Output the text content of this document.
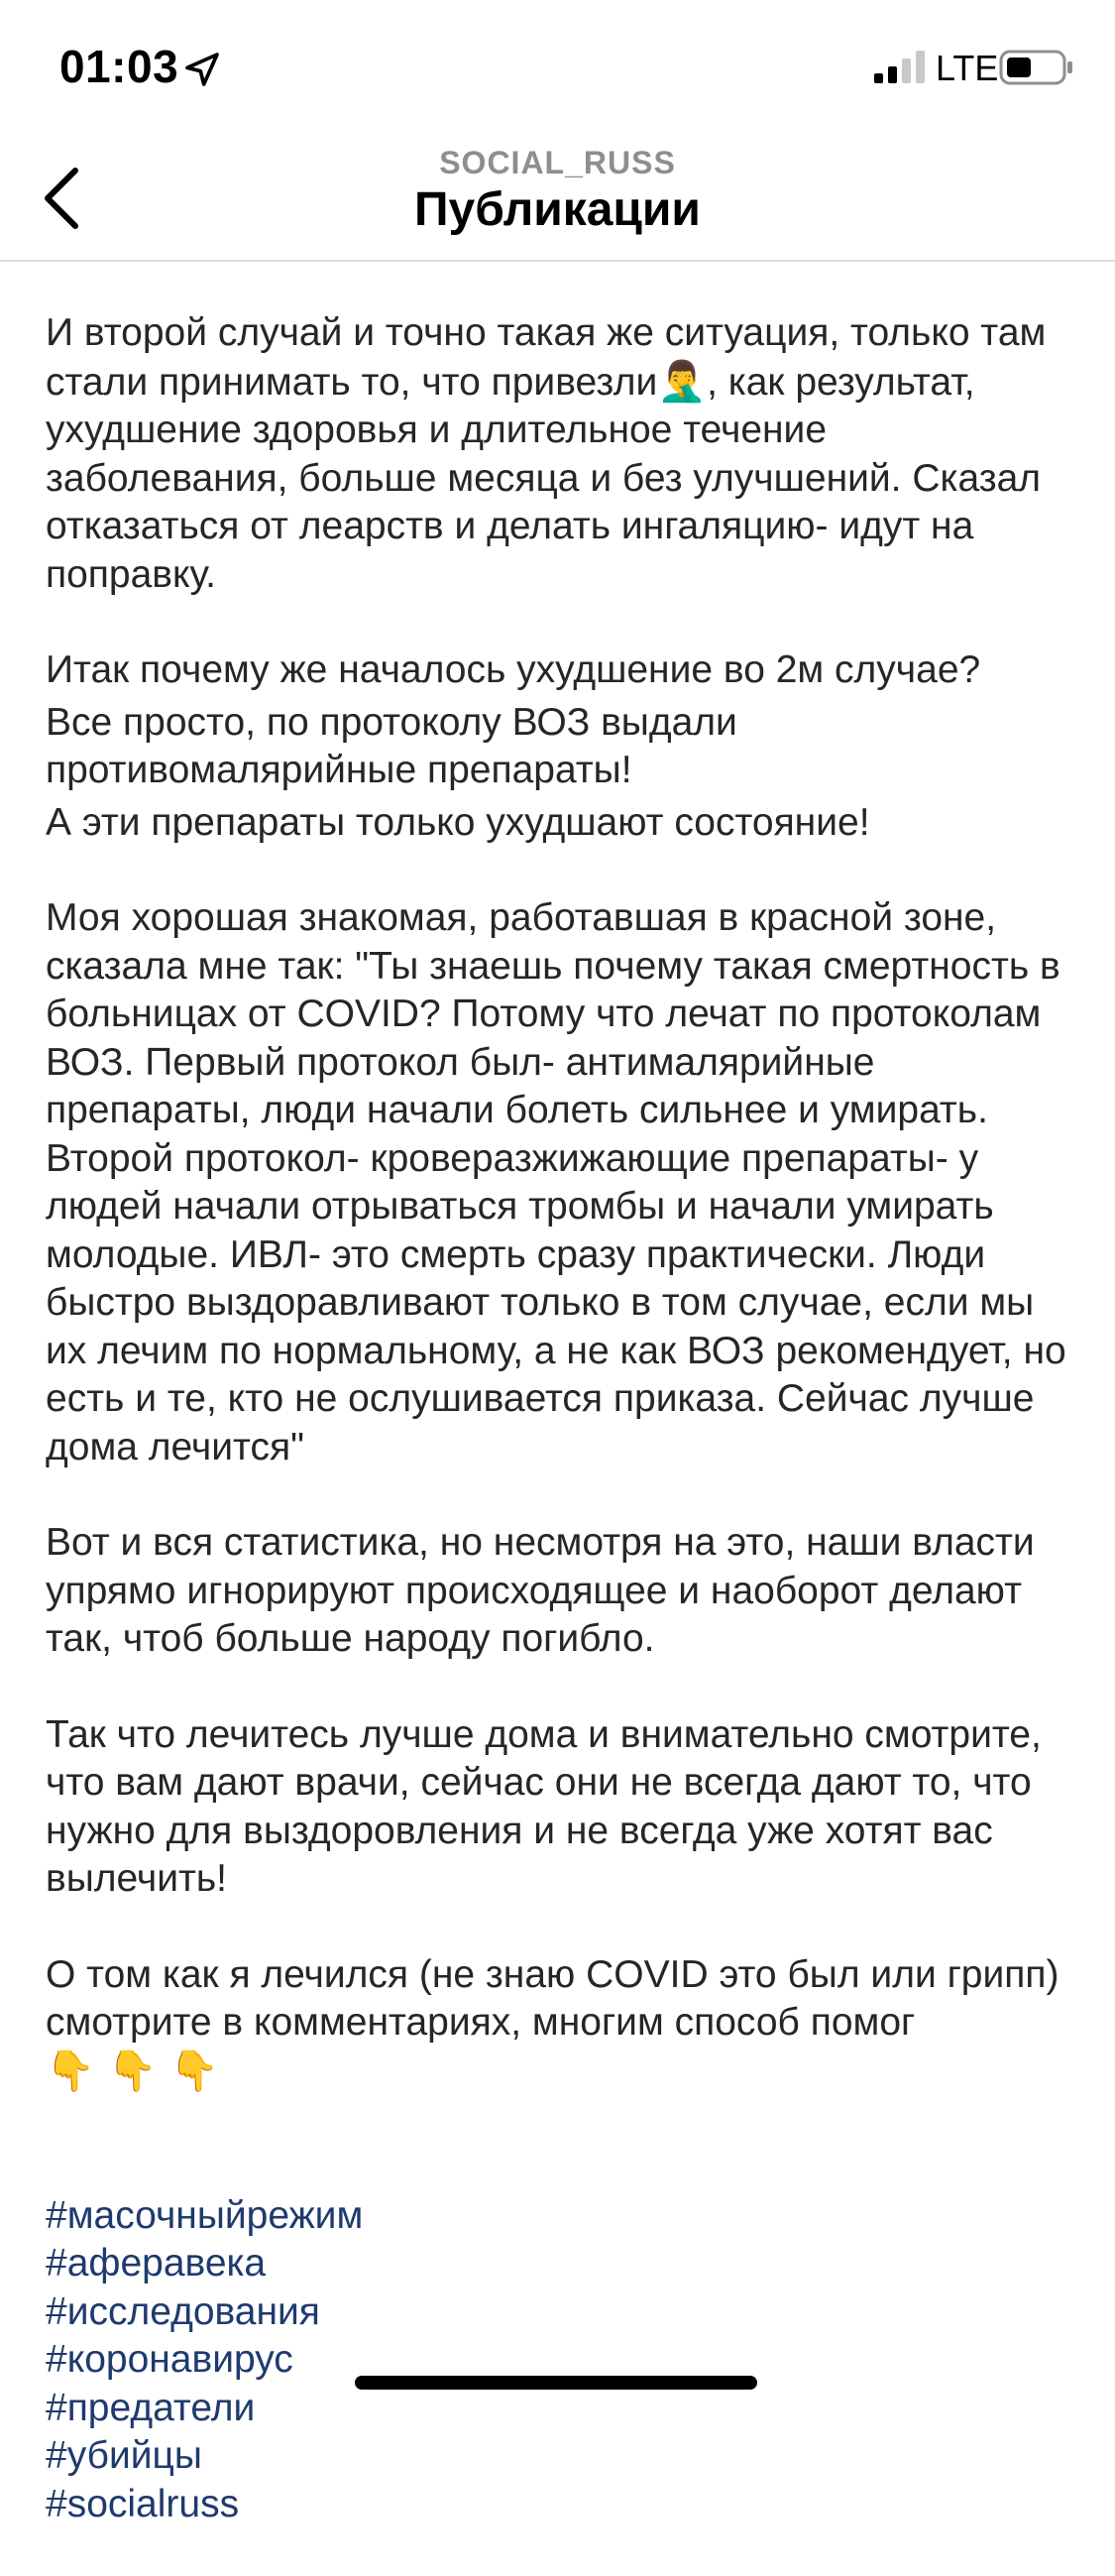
01:03	LTE
SOCIAL_RUSS
Публикации

И второй случай и точно такая же ситуация, только там стали принимать то, что привезли🤦‍♂️, как результат, ухудшение здоровья и длительное течение заболевания, больше месяца и без улучшений. Сказал отказаться от леарств и делать ингаляцию- идут на поправку.

Итак почему же началось ухудшение во 2м случае?

Все просто, по протоколу ВОЗ выдали противомалярийные препараты!

А эти препараты только ухудшают состояние!

Моя хорошая знакомая, работавшая в красной зоне, сказала мне так: "Ты знаешь почему такая смертность в больницах от COVID? Потому что лечат по протоколам ВОЗ. Первый протокол был- антималярийные препараты, люди начали болеть сильнее и умирать. Второй протокол- кроверазжижающие препараты- у людей начали отрываться тромбы и начали умирать молодые. ИВЛ- это смерть сразу практически. Люди быстро выздоравливают только в том случае, если мы их лечим по нормальному, а не как ВОЗ рекомендует, но есть и те, кто не ослушивается приказа. Сейчас лучше дома лечится"

Вот и вся статистика, но несмотря на это, наши власти упрямо игнорируют происходящее и наоборот делают так, чтоб больше народу погибло.

Так что лечитесь лучше дома и внимательно смотрите, что вам дают врачи, сейчас они не всегда дают то, что нужно для выздоровления и не всегда уже хотят вас вылечить!

О том как я лечился (не знаю COVID это был или грипп) смотрите в комментариях, многим способ помог 👇 👇 👇

#масочныйрежим
#аферавека
#исследования
#коронавирус
#предатели
#убийцы
#socialruss
